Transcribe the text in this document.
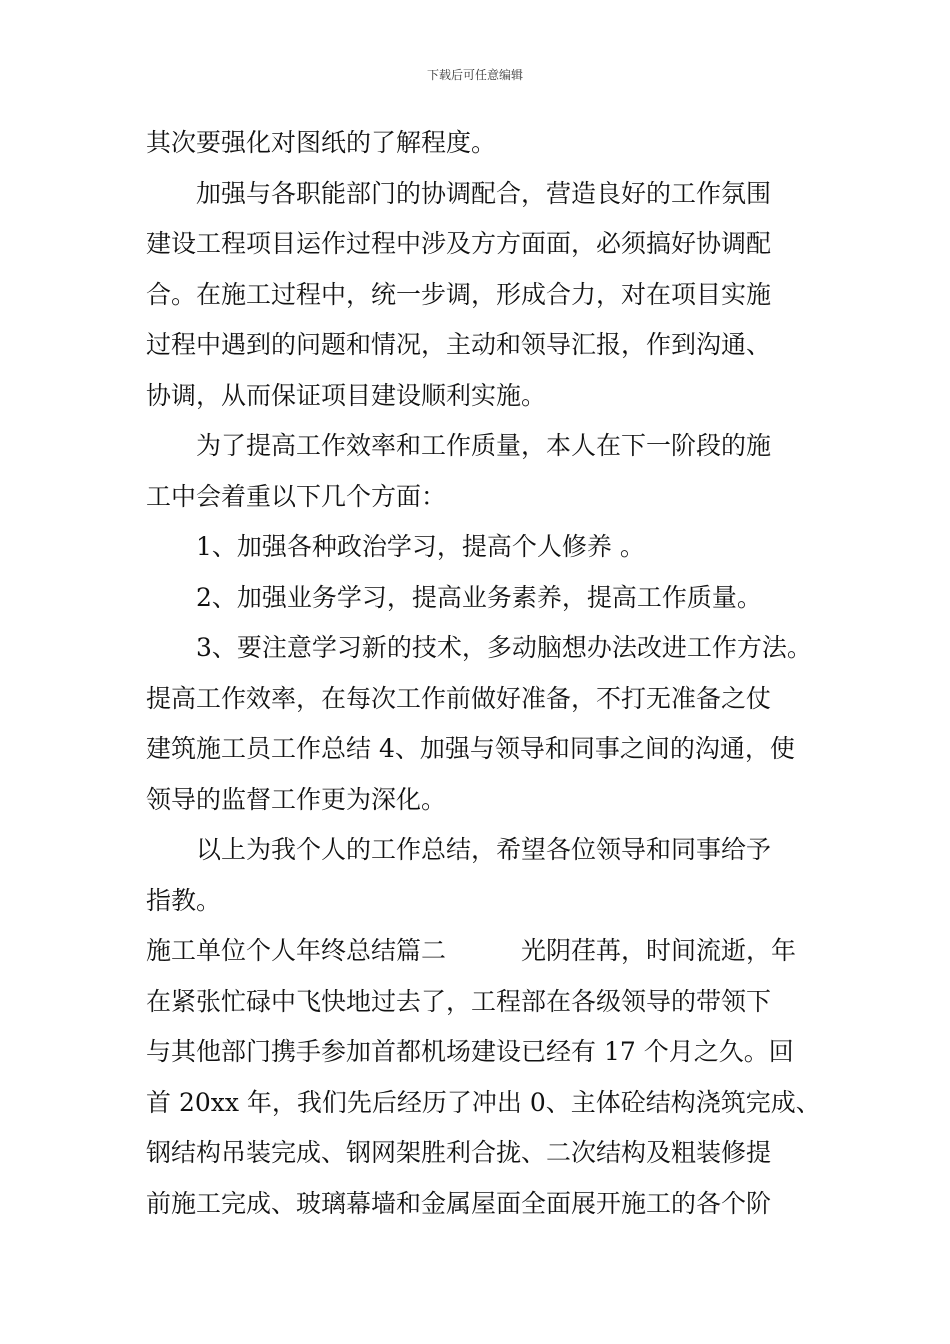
下载后可任意编辑
其次要强化对图纸的了解程度。
加强与各职能部门的协调配合，营造良好的工作氛围
建设工程项目运作过程中涉及方方面面，必须搞好协调配
合。在施工过程中，统一步调，形成合力，对在项目实施
过程中遇到的问题和情况，主动和领导汇报，作到沟通、
协调，从而保证项目建设顺利实施。
为了提高工作效率和工作质量，本人在下一阶段的施
工中会着重以下几个方面：
1、加强各种政治学习，提高个人修养 。
2、加强业务学习，提高业务素养，提高工作质量。
3、要注意学习新的技术，多动脑想办法改进工作方法。
提高工作效率，在每次工作前做好准备，不打无准备之仗
建筑施工员工作总结 4、加强与领导和同事之间的沟通，使
领导的监督工作更为深化。
以上为我个人的工作总结，希望各位领导和同事给予
指教。
施工单位个人年终总结篇二　　　光阴荏苒，时间流逝，年
在紧张忙碌中飞快地过去了，工程部在各级领导的带领下
与其他部门携手参加首都机场建设已经有 17 个月之久。回
首 20xx 年，我们先后经历了冲出 0、主体砼结构浇筑完成、
钢结构吊装完成、钢网架胜利合拢、二次结构及粗装修提
前施工完成、玻璃幕墙和金属屋面全面展开施工的各个阶
